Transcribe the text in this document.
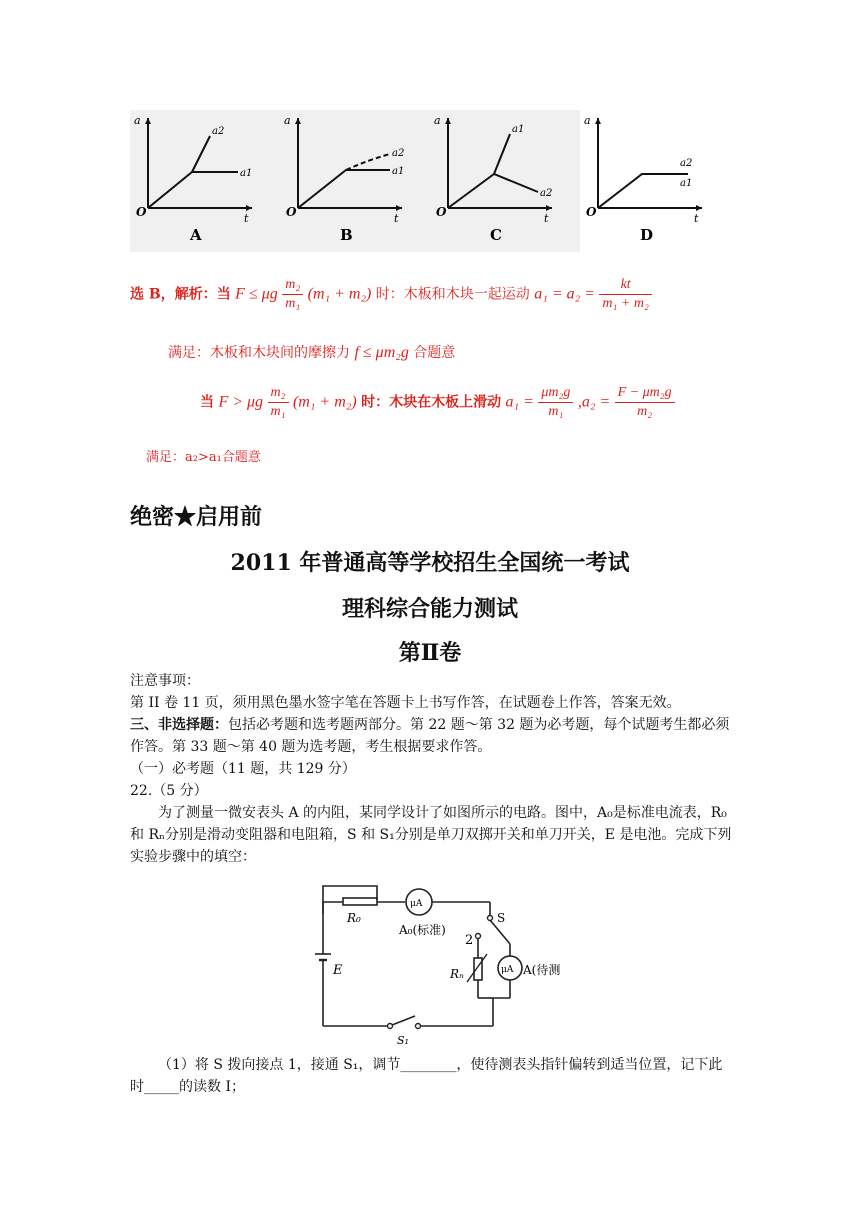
O
a
t
a2
a1
A
O
a
t
a2
a1
B
O
a
t
a1
a2
C
O
a
t
a2
a1
D
选 B，解析：当 F ≤ μg $\frac{\text{m₂}}{\text{m₁}} (m_1 + m_2)$ 时：木板和木块一起运动 $a_1 = a_2 = \frac{kt}{\text{m₁ + m₂}}$
满足：木板和木块间的摩擦力 f ≤ μm₂g 合题意
当 F > μg $\frac{\text{m₂}}{\text{m₁}} (m_1 + m_2)$ 时：木块在木板上滑动 $a_1 = \frac{\text{μm₂g}}{\text{m₁}} ,a_2 = \frac{\text{F − μm₂g}}{\text{m₂}}$
满足：a₂>a₁合题意
绝密★启用前
2011 年普通高等学校招生全国统一考试
理科综合能力测试
第Ⅱ卷
注意事项：
第 II 卷 11 页，须用黑色墨水签字笔在答题卡上书写作答，在试题卷上作答，答案无效。
三、非选择题：包括必考题和选考题两部分。第 22 题～第 32 题为必考题，每个试题考生都必须作答。第 33 题～第 40 题为选考题，考生根据要求作答。
（一）必考题（11 题，共 129 分）
22.（5 分）
为了测量一微安表头 A 的内阻，某同学设计了如图所示的电路。图中，A₀是标准电流表，R₀和 Rₙ分别是滑动变阻器和电阻箱，S 和 S₁分别是单刀双掷开关和单刀开关，E 是电池。完成下列实验步骤中的填空：
R₀
μA
A₀(标准)
S
2
E	Rₙ	μA A(待测
S₁
（1）将 S 拨向接点 1，接通 S₁，调节________，使待测表头指针偏转到适当位置，记下此时_____的读数 I；
